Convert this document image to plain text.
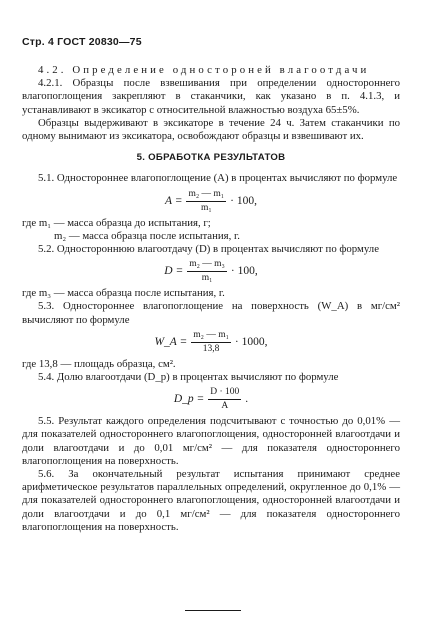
Стр. 4 ГОСТ 20830—75

4.2. Определение одностороней влагоотдачи

4.2.1. Образцы после взвешивания при определении одностороннего влагопоглощения закрепляют в стаканчики, как указано в п. 4.1.3, и устанавливают в эксикатор с относительной влажностью воздуха 65±5%.

Образцы выдерживают в эксикаторе в течение 24 ч. Затем стаканчики по одному вынимают из эксикатора, освобождают образцы и взвешивают их.

5. ОБРАБОТКА РЕЗУЛЬТАТОВ

5.1. Одностороннее влагопоглощение (A) в процентах вычисляют по формуле

$A = \frac{\text{m₂ — m₁}}{\text{m₁}} \cdot 100$,

где m₁ — масса образца до испытания, г;

m₂ — масса образца после испытания, г.

5.2. Одностороннюю влагоотдачу (D) в процентах вычисляют по формуле

$D = \frac{\text{m₂ — m₃}}{\text{m₁}} \cdot 100$,

где m₃ — масса образца после испытания, г.

5.3. Одностороннее влагопоглощение на поверхность (W_A) в мг/см² вычисляют по формуле

W_A = $\frac{\text{m₂ — m₁}}{13,8} \cdot 1000$,

где 13,8 — площадь образца, см².

5.4. Долю влагоотдачи (D_p) в процентах вычисляют по формуле

D_p = $\frac{D \cdot 100}{A}$ .

5.5. Результат каждого определения подсчитывают с точностью до 0,01% — для показателей одностороннего влагопоглощения, односторонней влагоотдачи и доли влагоотдачи и до 0,01 мг/см² — для показателя одностороннего влагопоглощения на поверхность.

5.6. За окончательный результат испытания принимают среднее арифметическое результатов параллельных определений, округленное до 0,1% — для показателей одностороннего влагопоглощения, односторонней влагоотдачи и доли влагоотдачи и до 0,1 мг/см² — для показателя одностороннего влагопоглощения на поверхность.
